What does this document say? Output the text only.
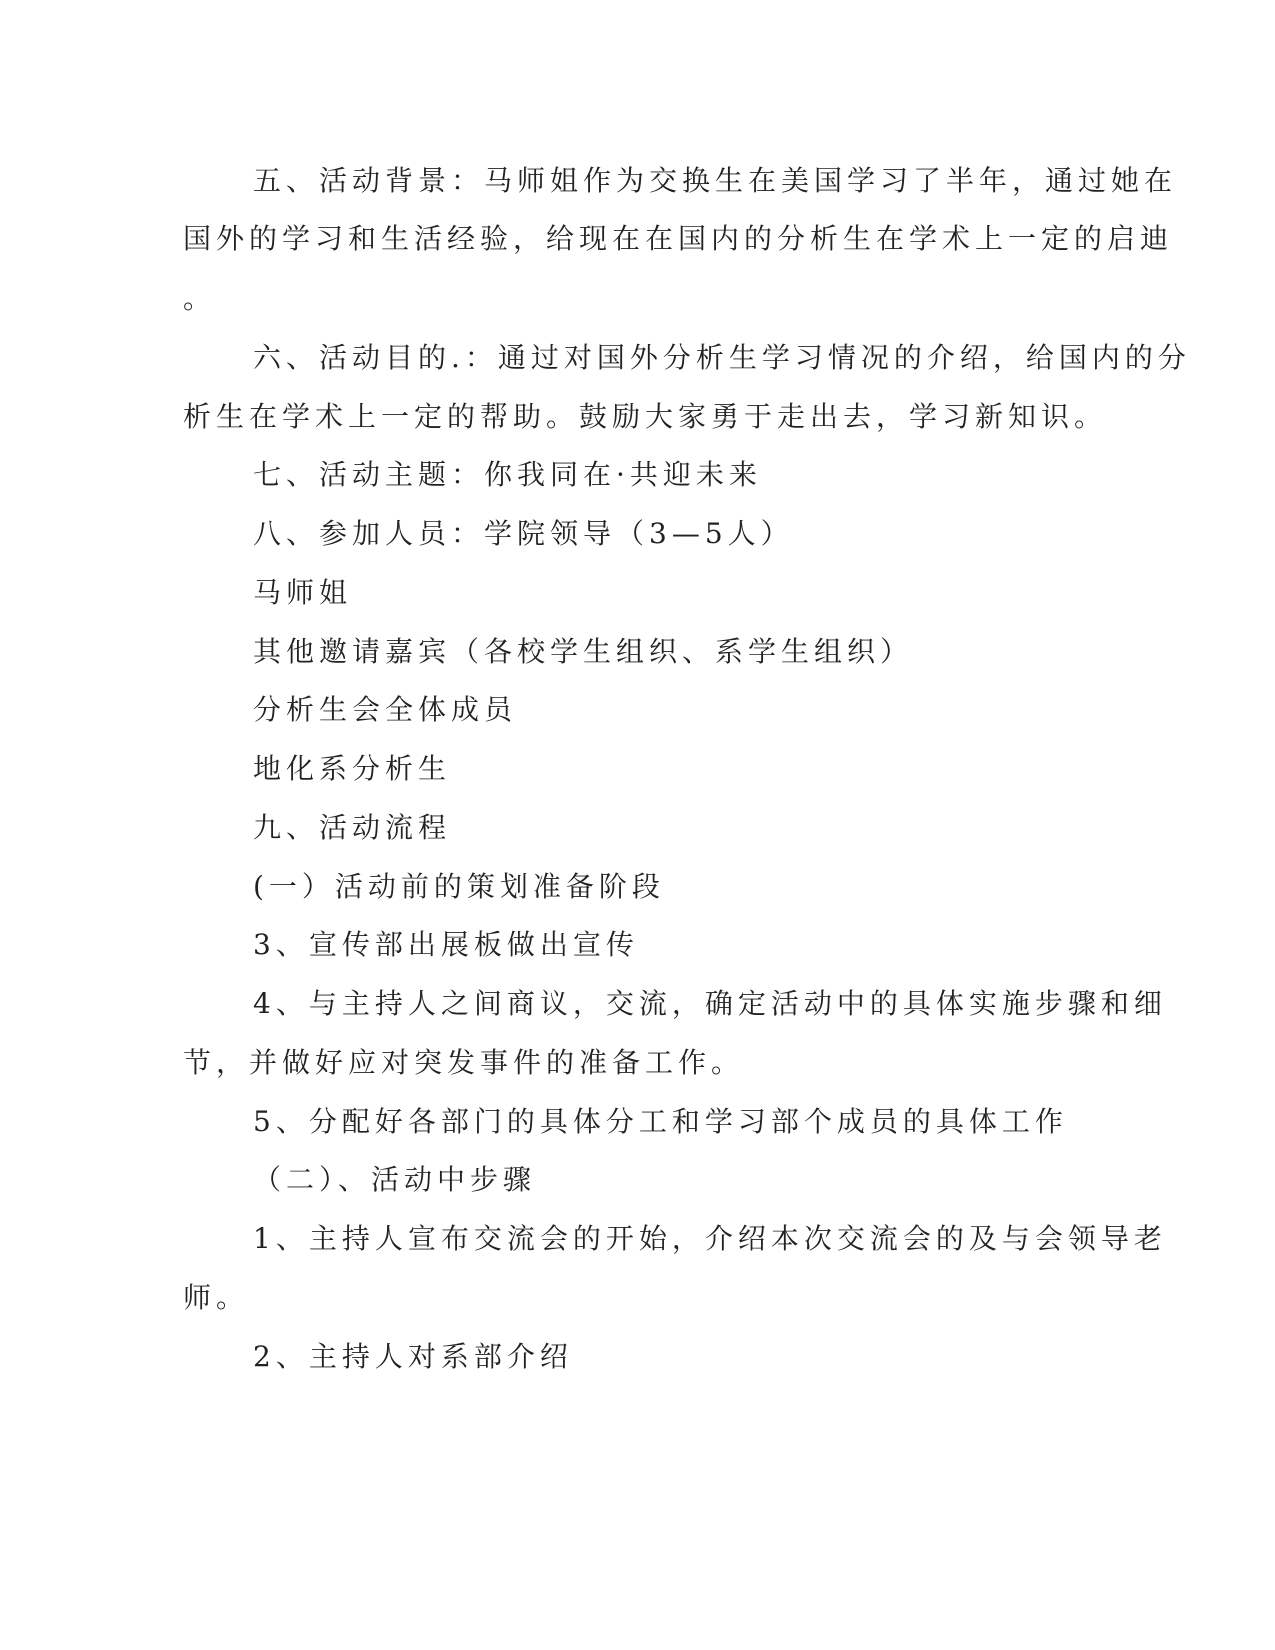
五、活动背景：马师姐作为交换生在美国学习了半年，通过她在
国外的学习和生活经验，给现在在国内的分析生在学术上一定的启迪
。
六、活动目的.：通过对国外分析生学习情况的介绍，给国内的分
析生在学术上一定的帮助。鼓励大家勇于走出去，学习新知识。
七、活动主题：你我同在·共迎未来
八、参加人员：学院领导（3—5人）
马师姐
其他邀请嘉宾（各校学生组织、系学生组织）
分析生会全体成员
地化系分析生
九、活动流程
(一）活动前的策划准备阶段
3、宣传部出展板做出宣传
4、与主持人之间商议，交流，确定活动中的具体实施步骤和细
节，并做好应对突发事件的准备工作。
5、分配好各部门的具体分工和学习部个成员的具体工作
（二）、活动中步骤
1、主持人宣布交流会的开始，介绍本次交流会的及与会领导老
师。
2、主持人对系部介绍
